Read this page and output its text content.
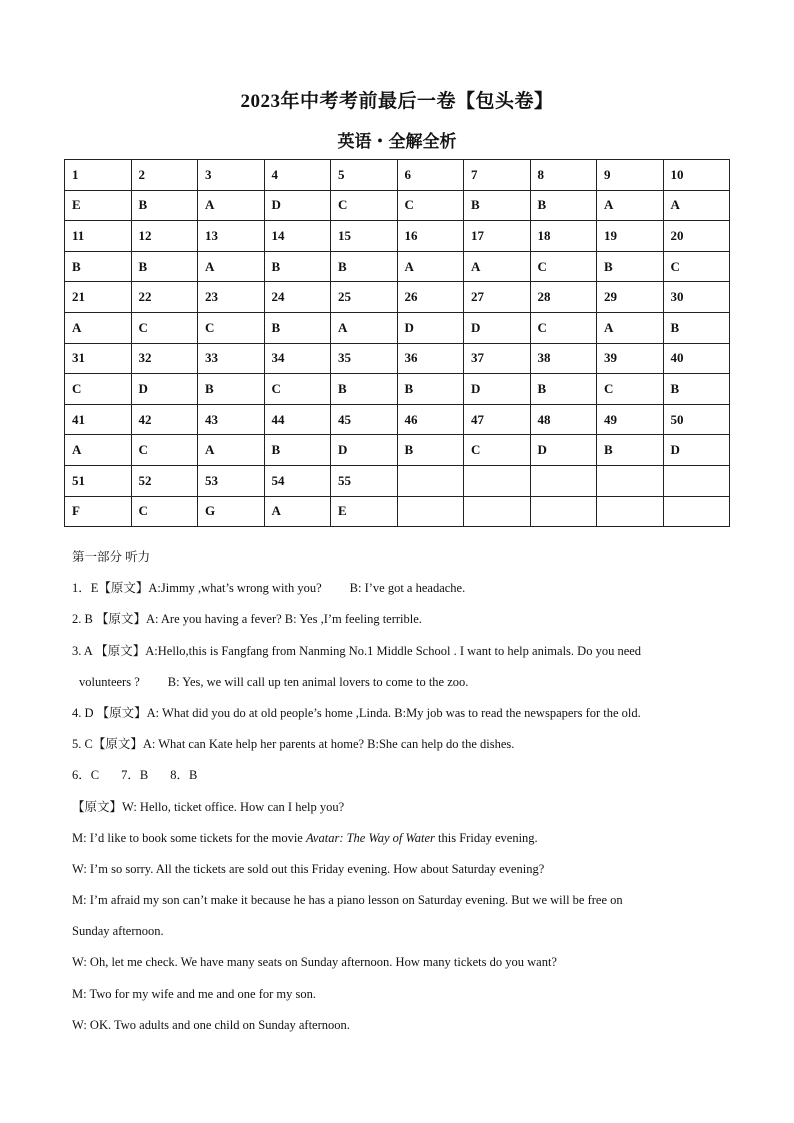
2023年中考考前最后一卷【包头卷】
英语・全解全析
1	2	3	4	5	6	7	8	9	10
E	B	A	D	C	C	B	B	A	A
11	12	13	14	15	16	17	18	19	20
B	B	A	B	B	A	A	C	B	C
21	22	23	24	25	26	27	28	29	30
A	C	C	B	A	D	D	C	A	B
31	32	33	34	35	36	37	38	39	40
C	D	B	C	B	B	D	B	C	B
41	42	43	44	45	46	47	48	49	50
A	C	A	B	D	B	C	D	B	D
51	52	53	54	55					
F	C	G	A	E					
第一部分 听力
1．E【原文】A:Jimmy ,what’s wrong with you? B: I’ve got a headache.
2. B 【原文】A: Are you having a fever? B: Yes ,I’m feeling terrible.
3. A 【原文】A:Hello,this is Fangfang from Nanming No.1 Middle School . I want to help animals. Do you need
volunteers ? B: Yes, we will call up ten animal lovers to come to the zoo.
4. D 【原文】A: What did you do at old people’s home ,Linda. B:My job was to read the newspapers for the old.
5. C【原文】A: What can Kate help her parents at home? B:She can help do the dishes.
6．C 7．B 8．B
【原文】W: Hello, ticket office. How can I help you?
M: I’d like to book some tickets for the movie Avatar: The Way of Water this Friday evening.
W: I’m so sorry. All the tickets are sold out this Friday evening. How about Saturday evening?
M: I’m afraid my son can’t make it because he has a piano lesson on Saturday evening. But we will be free on
Sunday afternoon.
W: Oh, let me check. We have many seats on Sunday afternoon. How many tickets do you want?
M: Two for my wife and me and one for my son.
W: OK. Two adults and one child on Sunday afternoon.
